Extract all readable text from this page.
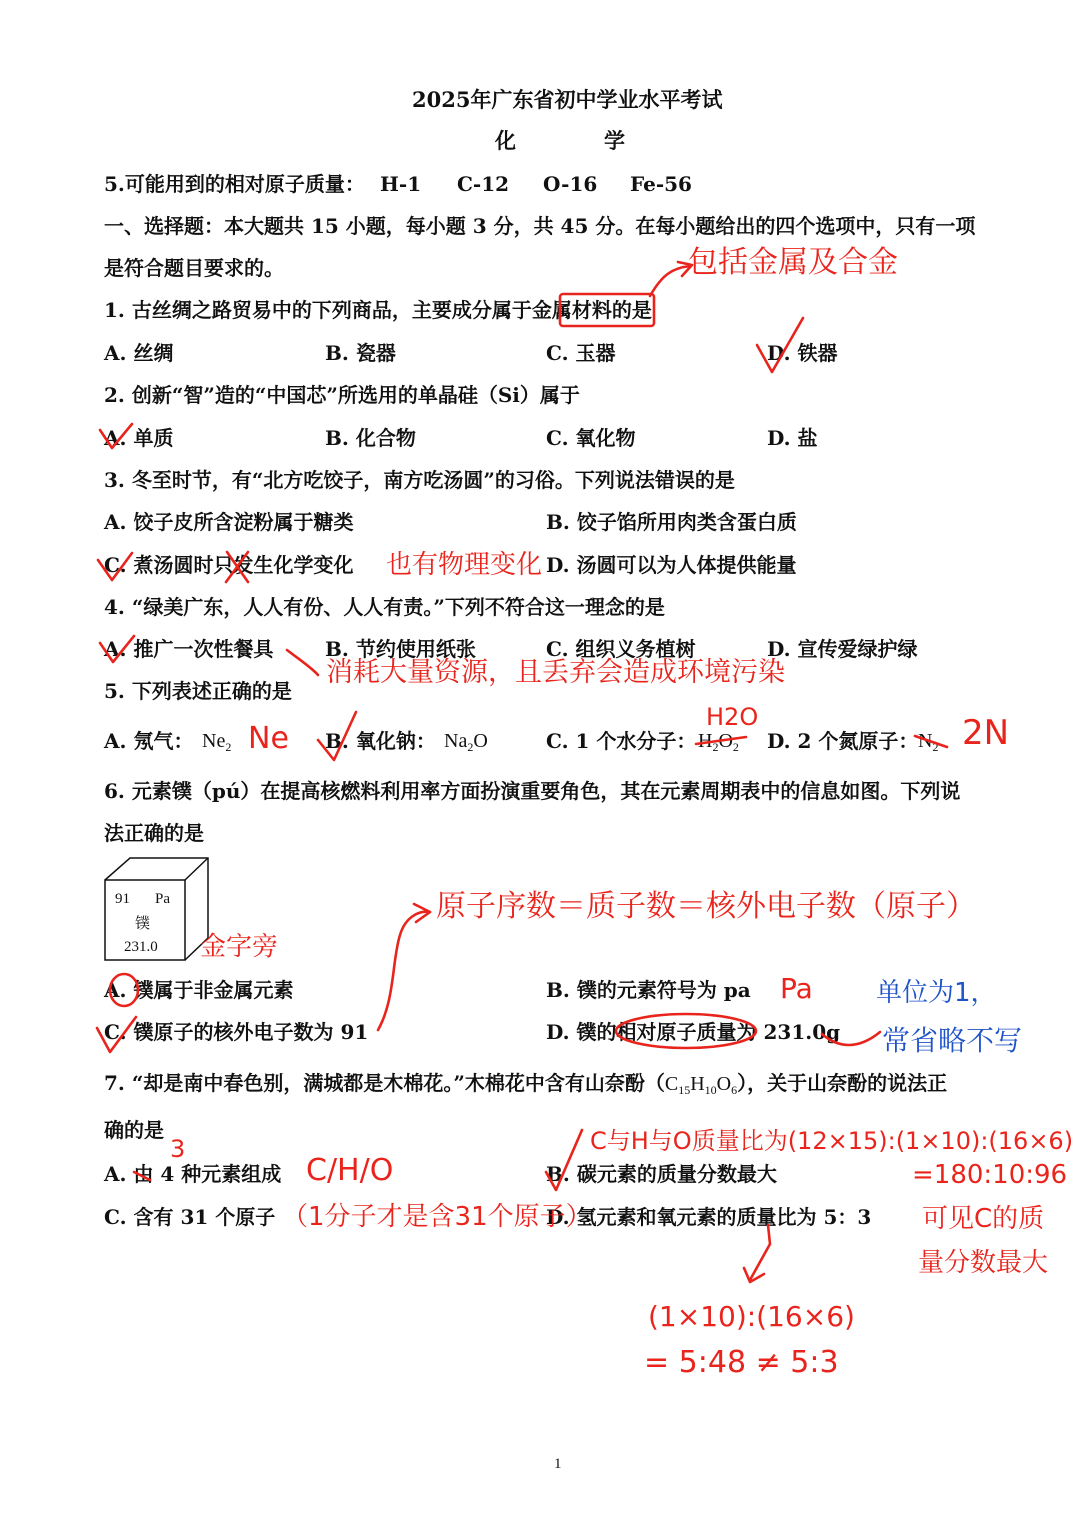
2025年广东省初中学业水平考试
化	学
5.可能用到的相对原子质量： H-1 C-12 O-16 Fe-56
一、选择题：本大题共 15 小题，每小题 3 分，共 45 分。在每小题给出的四个选项中，只有一项
是符合题目要求的。
1. 古丝绸之路贸易中的下列商品，主要成分属于金属材料的是
A. 丝绸	B. 瓷器	C. 玉器	D. 铁器
2. 创新“智”造的“中国芯”所选用的单晶硅（Si）属于
A. 单质	B. 化合物	C. 氧化物	D. 盐
3. 冬至时节，有“北方吃饺子，南方吃汤圆”的习俗。下列说法错误的是
A. 饺子皮所含淀粉属于糖类	B. 饺子馅所用肉类含蛋白质
C. 煮汤圆时只发生化学变化	D. 汤圆可以为人体提供能量
4. “绿美广东，人人有份、人人有责。”下列不符合这一理念的是
A. 推广一次性餐具	B. 节约使用纸张	C. 组织义务植树	D. 宣传爱绿护绿
5. 下列表述正确的是
A. 氖气： $Ne_2$	B. 氧化钠： $Na_2O$	C. 1 个水分子： $H_2O_2$ D. 2 个氮原子： $N_2$
6. 元素镤（pú）在提高核燃料利用率方面扮演重要角色，其在元素周期表中的信息如图。下列说
法正确的是
91 Pa
镤
231.0
A. 镤属于非金属元素	B. 镤的元素符号为 pa
C. 镤原子的核外电子数为 91	D. 镤的相对原子质量为 231.0g
7. “却是南中春色别，满城都是木棉花。”木棉花中含有山奈酚$(C_{15}H_{10}O_6)$，关于山奈酚的说法正
确的是
A. 由 4 种元素组成	B. 碳元素的质量分数最大
C. 含有 31 个原子	D. 氢元素和氧元素的质量比为 5：3
包括金属及合金
也有物理变化
消耗大量资源，且丢弃会造成环境污染
Ne
H2O	2N
金字旁
原子序数＝质子数＝核外电子数（原子）
Pa
3
C/H/O
（1分子才是含31个原子）
C与H与O质量比为(12×15):(1×10):(16×6)
=180:10:96
可见C的质
量分数最大
(1×10):(16×6)
= 5:48 ≠ 5:3
单位为1，
常省略不写
1
